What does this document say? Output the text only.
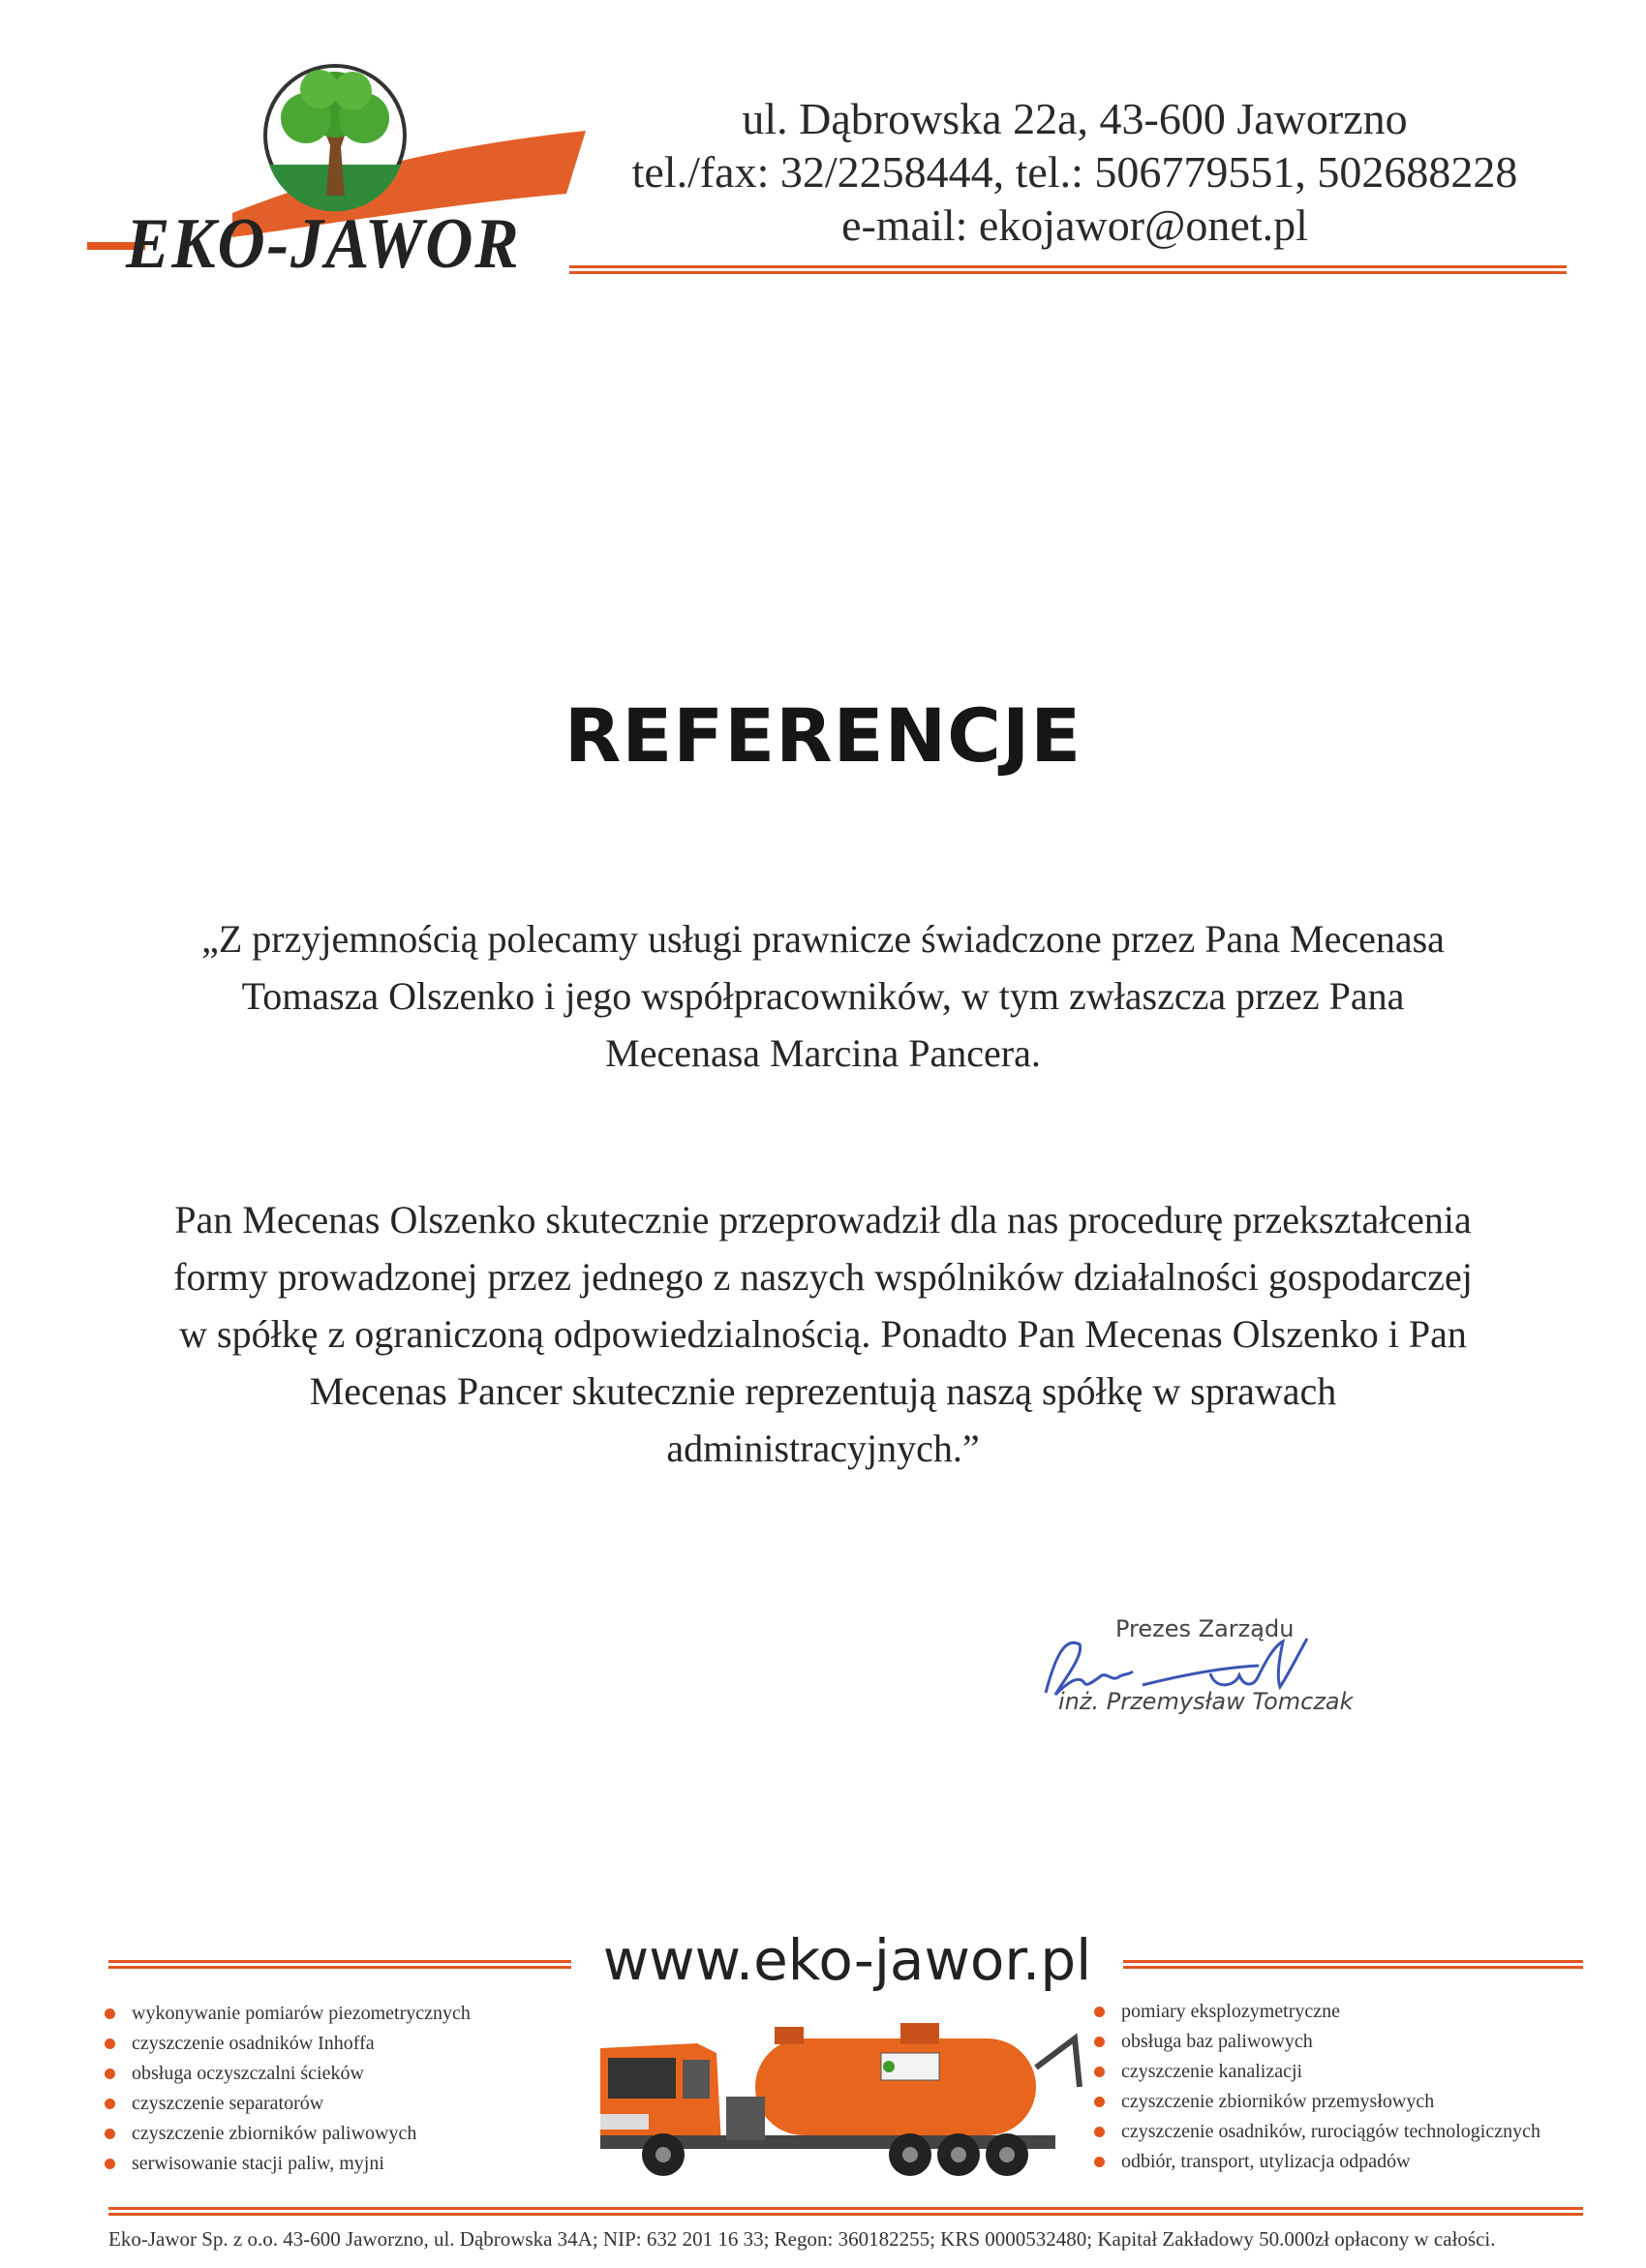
EKO-JAWOR
ul. Dąbrowska 22a, 43-600 Jaworzno
tel./fax: 32/2258444, tel.: 506779551, 502688228
e-mail: ekojawor@onet.pl
REFERENCJE
„Z przyjemnością polecamy usługi prawnicze świadczone przez Pana Mecenasa
Tomasza Olszenko i jego współpracowników, w tym zwłaszcza przez Pana
Mecenasa Marcina Pancera.
Pan Mecenas Olszenko skutecznie przeprowadził dla nas procedurę przekształcenia
formy prowadzonej przez jednego z naszych wspólników działalności gospodarczej
w spółkę z ograniczoną odpowiedzialnością. Ponadto Pan Mecenas Olszenko i Pan
Mecenas Pancer skutecznie reprezentują naszą spółkę w sprawach
administracyjnych.”
Prezes Zarządu
inż. Przemysław Tomczak
www.eko-jawor.pl
wykonywanie pomiarów piezometrycznych
czyszczenie osadników Inhoffa
obsługa oczyszczalni ścieków
czyszczenie separatorów
czyszczenie zbiorników paliwowych
serwisowanie stacji paliw, myjni
pomiary eksplozymetryczne
obsługa baz paliwowych
czyszczenie kanalizacji
czyszczenie zbiorników przemysłowych
czyszczenie osadników, rurociągów technologicznych
odbiór, transport, utylizacja odpadów
Eko-Jawor Sp. z o.o. 43-600 Jaworzno, ul. Dąbrowska 34A; NIP: 632 201 16 33; Regon: 360182255; KRS 0000532480; Kapitał Zakładowy 50.000zł opłacony w całości.
